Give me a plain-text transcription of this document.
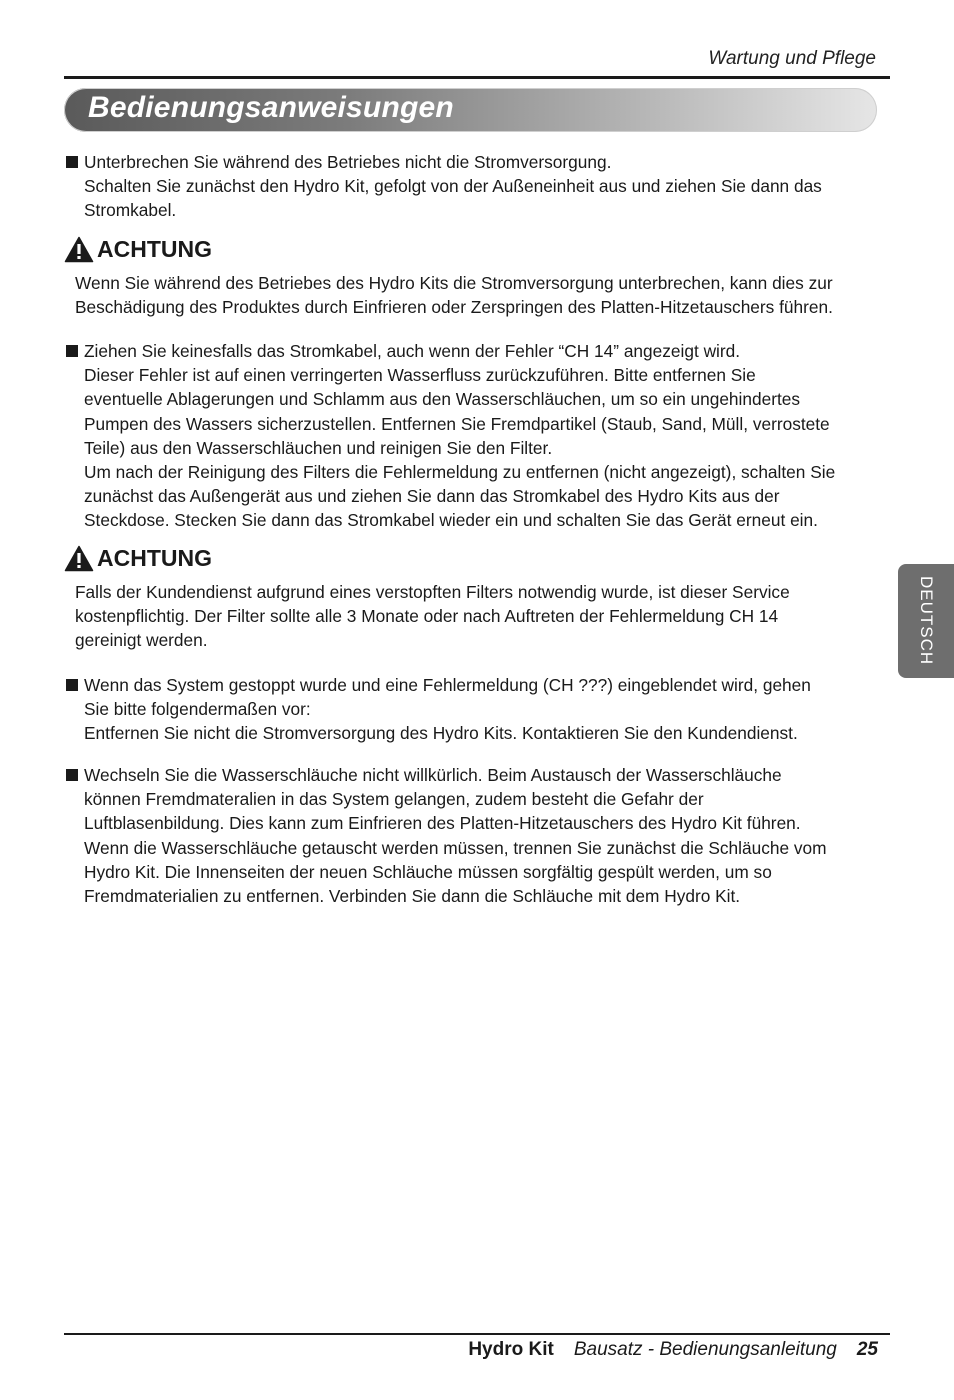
Wartung und Pflege
Bedienungsanweisungen
Unterbrechen Sie während des Betriebes nicht die Stromversorgung.
Schalten Sie zunächst den Hydro Kit, gefolgt von der Außeneinheit aus und ziehen Sie dann das
Stromkabel.
ACHTUNG
Wenn Sie während des Betriebes des Hydro Kits die Stromversorgung unterbrechen, kann dies zur
Beschädigung des Produktes durch Einfrieren oder Zerspringen des Platten-Hitzetauschers führen.
Ziehen Sie keinesfalls das Stromkabel, auch wenn der Fehler “CH 14” angezeigt wird.
Dieser Fehler ist auf einen verringerten Wasserfluss zurückzuführen. Bitte entfernen Sie
eventuelle Ablagerungen und Schlamm aus den Wasserschläuchen, um so ein ungehindertes
Pumpen des Wassers sicherzustellen. Entfernen Sie Fremdpartikel (Staub, Sand, Müll, verrostete
Teile) aus den Wasserschläuchen und reinigen Sie den Filter.
Um nach der Reinigung des Filters die Fehlermeldung zu entfernen (nicht angezeigt), schalten Sie
zunächst das Außengerät aus und ziehen Sie dann das Stromkabel des Hydro Kits aus der
Steckdose. Stecken Sie dann das Stromkabel wieder ein und schalten Sie das Gerät erneut ein.
ACHTUNG
Falls der Kundendienst aufgrund eines verstopften Filters notwendig wurde, ist dieser Service
kostenpflichtig. Der Filter sollte alle 3 Monate oder nach Auftreten der Fehlermeldung CH 14
gereinigt werden.
Wenn das System gestoppt wurde und eine Fehlermeldung (CH ???) eingeblendet wird, gehen
Sie bitte folgendermaßen vor:
Entfernen Sie nicht die Stromversorgung des Hydro Kits. Kontaktieren Sie den Kundendienst.
Wechseln Sie die Wasserschläuche nicht willkürlich. Beim Austausch der Wasserschläuche
können Fremdmateralien in das System gelangen, zudem besteht die Gefahr der
Luftblasenbildung. Dies kann zum Einfrieren des Platten-Hitzetauschers des Hydro Kit führen.
Wenn die Wasserschläuche getauscht werden müssen, trennen Sie zunächst die Schläuche vom
Hydro Kit. Die Innenseiten der neuen Schläuche müssen sorgfältig gespült werden, um so
Fremdmaterialien zu entfernen. Verbinden Sie dann die Schläuche mit dem Hydro Kit.
DEUTSCH
Hydro Kit Bausatz - Bedienungsanleitung 25
